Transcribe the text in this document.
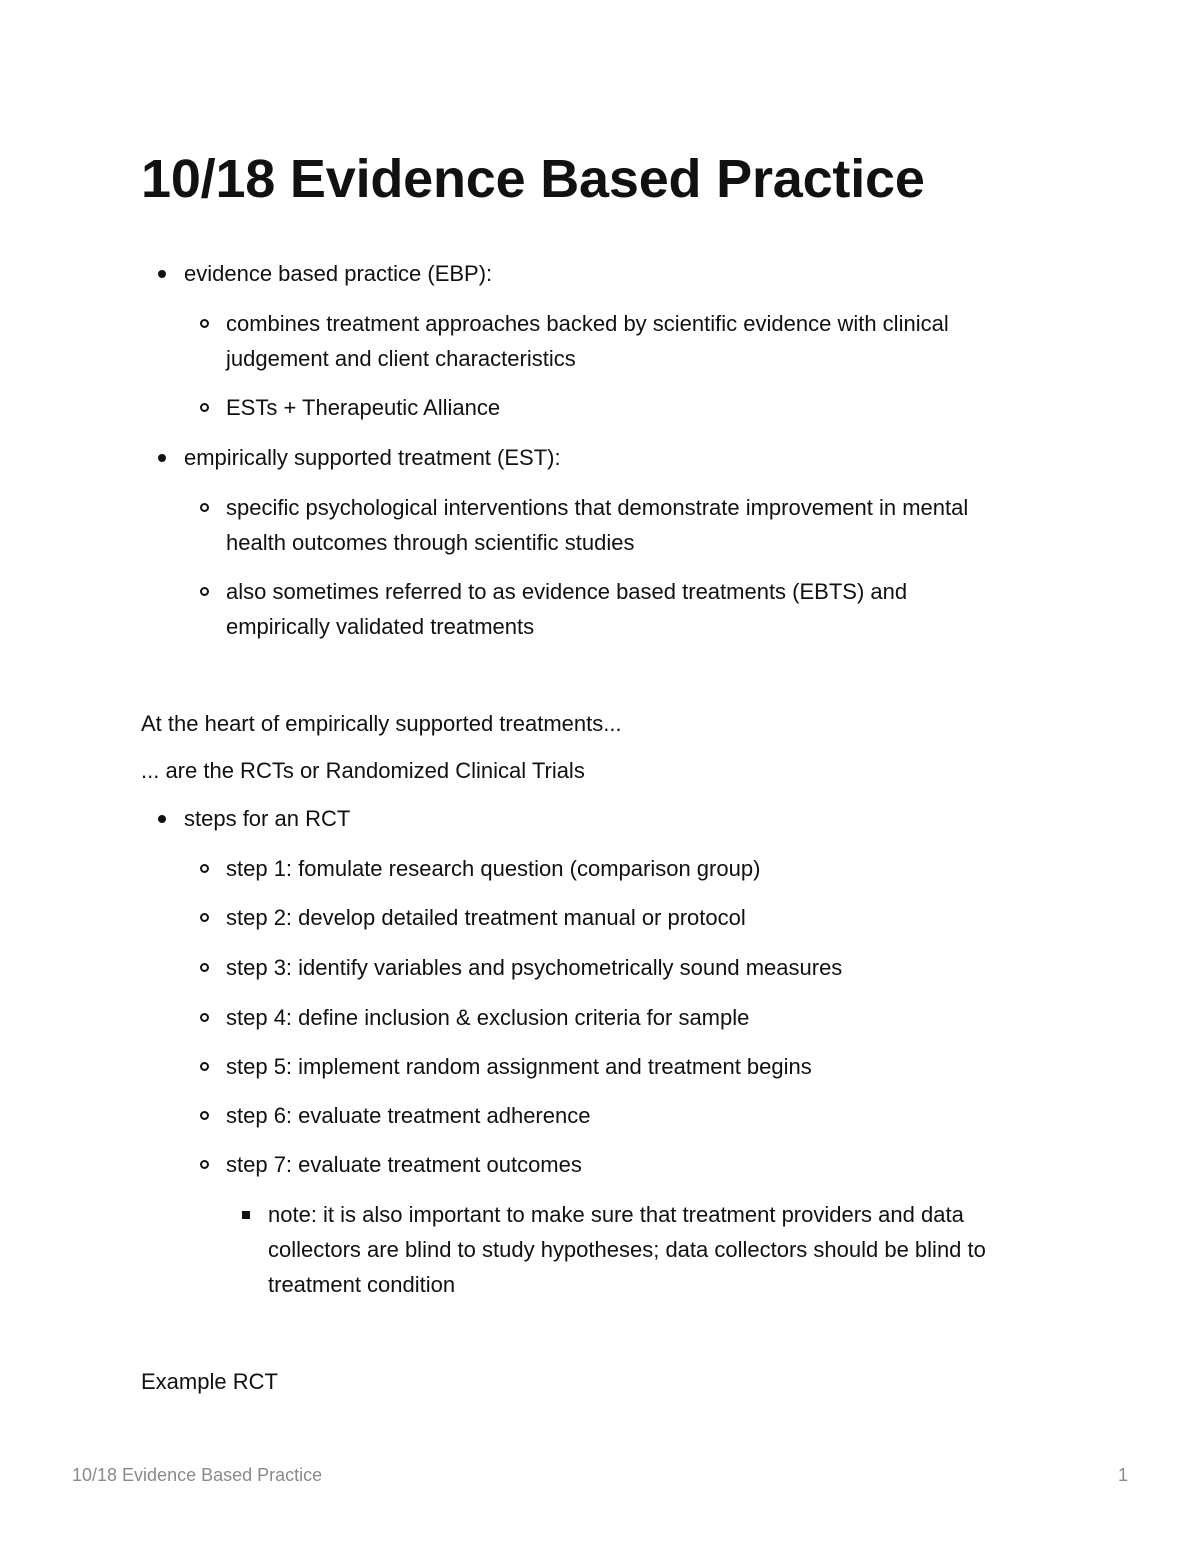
10/18 Evidence Based Practice
evidence based practice (EBP):
combines treatment approaches backed by scientific evidence with clinical judgement and client characteristics
ESTs + Therapeutic Alliance
empirically supported treatment (EST):
specific psychological interventions that demonstrate improvement in mental health outcomes through scientific studies
also sometimes referred to as evidence based treatments (EBTS) and empirically validated treatments
At the heart of empirically supported treatments...
... are the RCTs or Randomized Clinical Trials
steps for an RCT
step 1: fomulate research question (comparison group)
step 2: develop detailed treatment manual or protocol
step 3: identify variables and psychometrically sound measures
step 4: define inclusion & exclusion criteria for sample
step 5: implement random assignment and treatment begins
step 6: evaluate treatment adherence
step 7: evaluate treatment outcomes
note: it is also important to make sure that treatment providers and data collectors are blind to study hypotheses; data collectors should be blind to treatment condition
Example RCT
10/18 Evidence Based Practice	1
